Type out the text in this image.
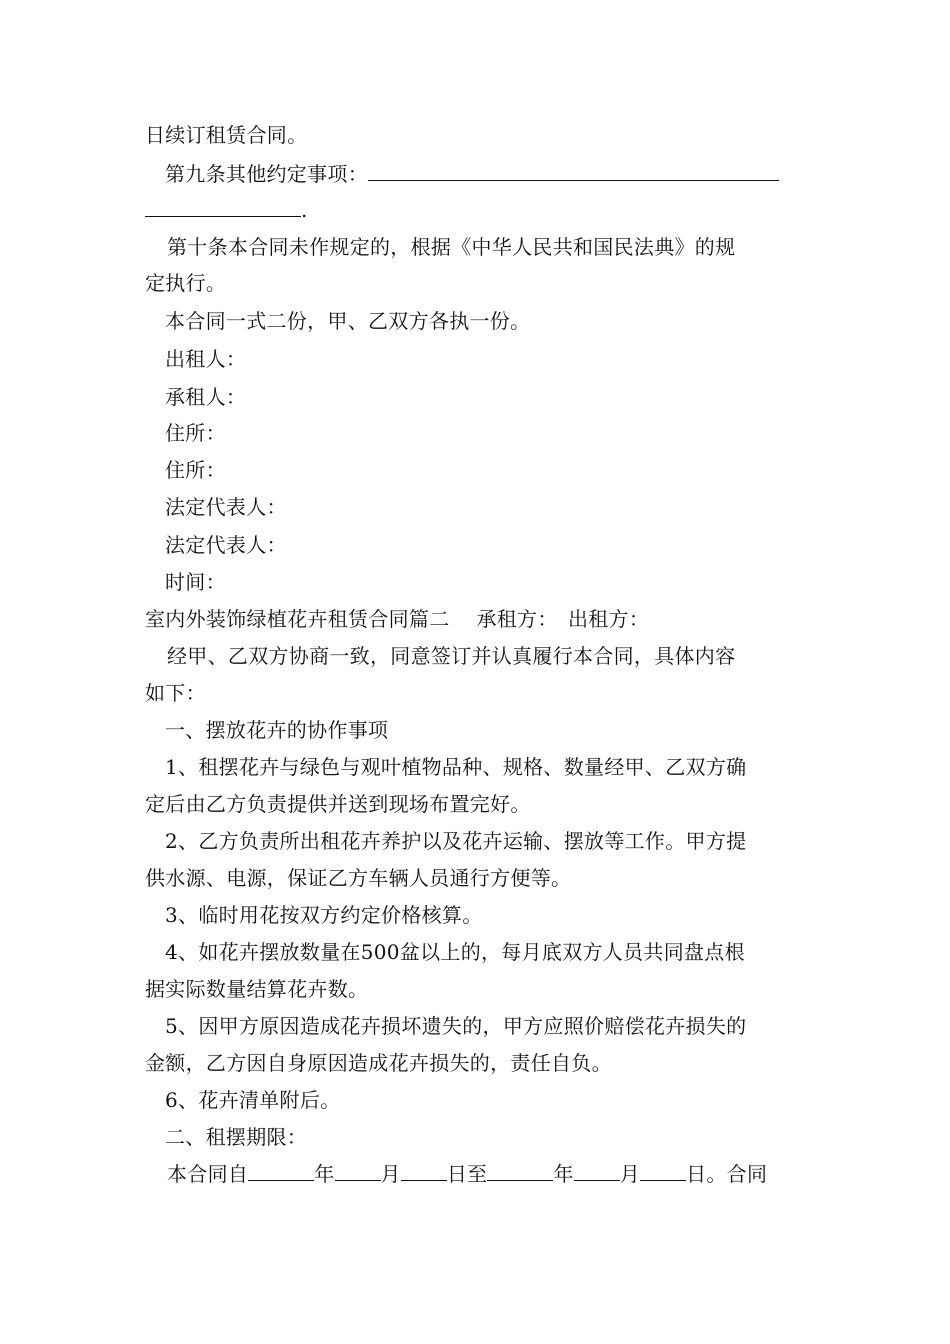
日续订租赁合同。
第九条其他约定事项：
.
第十条本合同未作规定的，根据《中华人民共和国民法典》的规
定执行。
本合同一式二份，甲、乙双方各执一份。
出租人：
承租人：
住所：
住所：
法定代表人：
法定代表人：
时间：
室内外装饰绿植花卉租赁合同篇二　 承租方：　出租方：
经甲、乙双方协商一致，同意签订并认真履行本合同，具体内容
如下：
一、摆放花卉的协作事项
1、租摆花卉与绿色与观叶植物品种、规格、数量经甲、乙双方确
定后由乙方负责提供并送到现场布置完好。
2、乙方负责所出租花卉养护以及花卉运输、摆放等工作。甲方提
供水源、电源，保证乙方车辆人员通行方便等。
3、临时用花按双方约定价格核算。
4、如花卉摆放数量在500盆以上的，每月底双方人员共同盘点根
据实际数量结算花卉数。
5、因甲方原因造成花卉损坏遗失的，甲方应照价赔偿花卉损失的
金额，乙方因自身原因造成花卉损失的，责任自负。
6、花卉清单附后。
二、租摆期限：
本合同自	年 月 日至	年 月 日。合同
